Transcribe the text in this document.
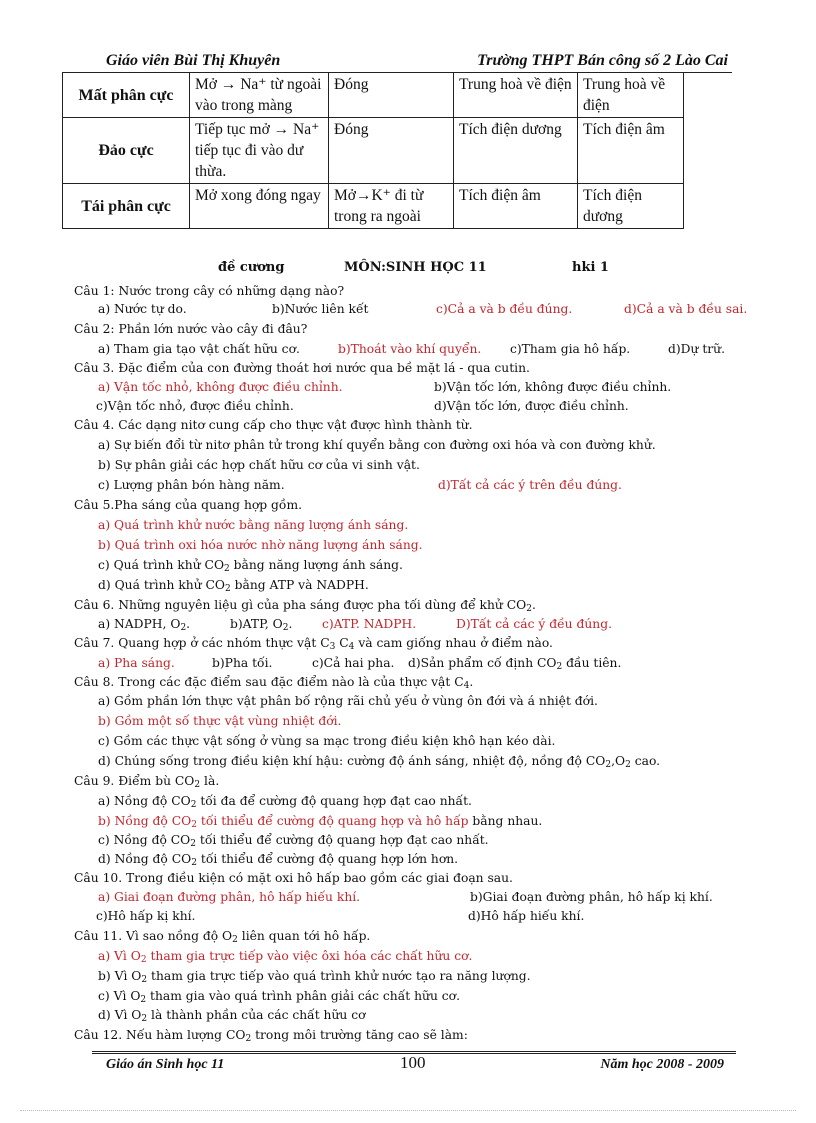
Giáo viên Bùi Thị Khuyên	Trường THPT Bán công số 2 Lào Cai
Mất phân cực	Mở → Na⁺ từ ngoài vào trong màng	Đóng	Trung hoà về điện	Trung hoà về điện
Đảo cực	Tiếp tục mở → Na⁺ tiếp tục đi vào dư thừa.	Đóng	Tích điện dương	Tích điện âm
Tái phân cực	Mở xong đóng ngay	Mở→K⁺ đi từ trong ra ngoài	Tích điện âm	Tích điện dương
đề cương	MÔN:SINH HỌC 11	hki 1
Câu 1: Nước trong cây có những dạng nào?
a) Nước tự do.	b)Nước liên kết	c)Cả a và b đều đúng.	d)Cả a và b đều sai.
Câu 2: Phần lớn nước vào cây đi đâu?
a) Tham gia tạo vật chất hữu cơ.	b)Thoát vào khí quyển. c)Tham gia hô hấp.	d)Dự trữ.
Câu 3. Đặc điểm của con đường thoát hơi nước qua bề mặt lá - qua cutin.
a) Vận tốc nhỏ, không được điều chỉnh.	b)Vận tốc lớn, không được điều chỉnh.
c)Vận tốc nhỏ, được điều chỉnh.	d)Vận tốc lớn, được điều chỉnh.
Câu 4. Các dạng nitơ cung cấp cho thực vật được hình thành từ.
a) Sự biến đổi từ nitơ phân tử trong khí quyển bằng con đường oxi hóa và con đường khử.
b) Sự phân giải các hợp chất hữu cơ của vi sinh vật.
c) Lượng phân bón hàng năm.	d)Tất cả các ý trên đều đúng.
Câu 5.Pha sáng của quang hợp gồm.
a) Quá trình khử nước bằng năng lượng ánh sáng.
b) Quá trình oxi hóa nước nhờ năng lượng ánh sáng.
c) Quá trình khử $CO_2$ bằng năng lượng ánh sáng.
d) Quá trình khử $CO_2$ bằng ATP và NADPH.
Câu 6. Những nguyên liệu gì của pha sáng được pha tối dùng để khử $CO_2$.
a) NADPH, $O_2$.	b)ATP, $O_2$. c)ATP. NADPH.	D)Tất cả các ý đều đúng.
Câu 7. Quang hợp ở các nhóm thực vật $C_3$ $C_4$ và cam giống nhau ở điểm nào.
a) Pha sáng.	b)Pha tối.	c)Cả hai pha. d)Sản phẩm cố định $CO_2$ đầu tiên.
Câu 8. Trong các đặc điểm sau đặc điểm nào là của thực vật $C_4$.
a) Gồm phần lớn thực vật phân bố rộng rãi chủ yếu ở vùng ôn đới và á nhiệt đới.
b) Gồm một số thực vật vùng nhiệt đới.
c) Gồm các thực vật sống ở vùng sa mạc trong điều kiện khô hạn kéo dài.
d) Chúng sống trong điều kiện khí hậu: cường độ ánh sáng, nhiệt độ, nồng độ $CO_2,O_2$ cao.
Câu 9. Điểm bù $CO_2$ là.
a) Nồng độ $CO_2$ tối đa để cường độ quang hợp đạt cao nhất.
b) Nồng độ $CO_2$ tối thiểu để cường độ quang hợp và hô hấp bằng nhau.
c) Nồng độ $CO_2$ tối thiểu để cường độ quang hợp đạt cao nhất.
d) Nồng độ $CO_2$ tối thiểu để cường độ quang hợp lớn hơn.
Câu 10. Trong điều kiện có mặt oxi hô hấp bao gồm các giai đoạn sau.
a) Giai đoạn đường phân, hô hấp hiếu khí.	b)Giai đoạn đường phân, hô hấp kị khí.
c)Hô hấp kị khí.	d)Hô hấp hiếu khí.
Câu 11. Vì sao nồng độ $O_2$ liên quan tới hô hấp.
a) Vì $O_2$ tham gia trực tiếp vào việc ôxi hóa các chất hữu cơ.
b) Vì $O_2$ tham gia trực tiếp vào quá trình khử nước tạo ra năng lượng.
c) Vì $O_2$ tham gia vào quá trình phân giải các chất hữu cơ.
d) Vì $O_2$ là thành phần của các chất hữu cơ
Câu 12. Nếu hàm lượng $CO_2$ trong môi trường tăng cao sẽ làm:
Giáo án Sinh học 11	100	Năm học 2008 - 2009
